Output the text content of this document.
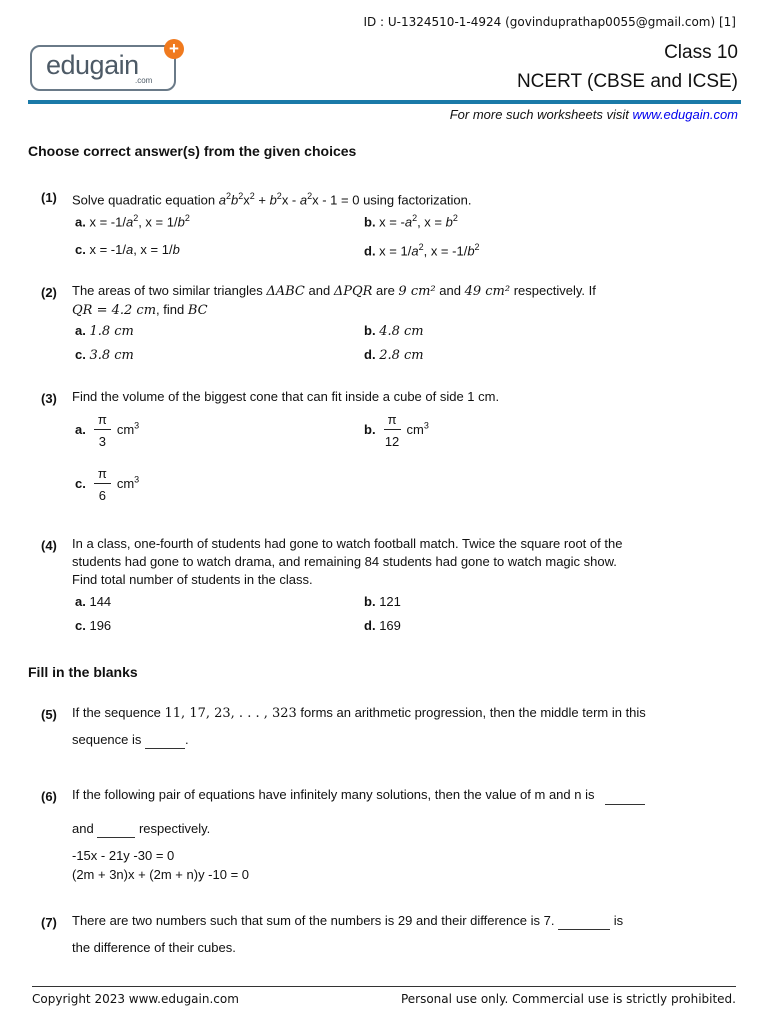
ID : U-1324510-1-4924 (govinduprathap0055@gmail.com) [1]
edugain
.com
+	Class 10
NCERT (CBSE and ICSE)
For more such worksheets visit www.edugain.com
Choose correct answer(s) from the given choices
(1) Solve quadratic equation $a^2b^2x^2 + b^2x - a^2x - 1 = 0$ using factorization.
a. $x = -1/a^2$, $x = 1/b^2$	b. $x = -a^2$, $x = b^2$
c. x = -1/a, x = 1/b	d. $x = 1/a^2$, $x = -1/b^2$
(2) The areas of two similar triangles ΔABC and ΔPQR are 9 cm² and 49 cm² respectively. If
QR = 4.2 cm, find BC
a. 1.8 cm	b. 4.8 cm
c. 3.8 cm	d. 2.8 cm
(3) Find the volume of the biggest cone that can fit inside a cube of side 1 cm.
a. $\frac{\pi}{3} cm^3$	b. $\frac{\pi}{12} cm^3$
c. $\frac{\pi}{6} cm^3$
(4) In a class, one-fourth of students had gone to watch football match. Twice the square root of the
students had gone to watch drama, and remaining 84 students had gone to watch magic show.
Find total number of students in the class.
a. 144	b. 121
c. 196	d. 169
Fill in the blanks
(5) If the sequence 11, 17, 23, . . . , 323 forms an arithmetic progression, then the middle term in this
sequence is	.
(6) If the following pair of equations have infinitely many solutions, then the value of m and n is
and	respectively.
-15x - 21y -30 = 0
(2m + 3n)x + (2m + n)y -10 = 0
(7) There are two numbers such that sum of the numbers is 29 and their difference is 7.	is
the difference of their cubes.
Copyright 2023 www.edugain.com	Personal use only. Commercial use is strictly prohibited.
